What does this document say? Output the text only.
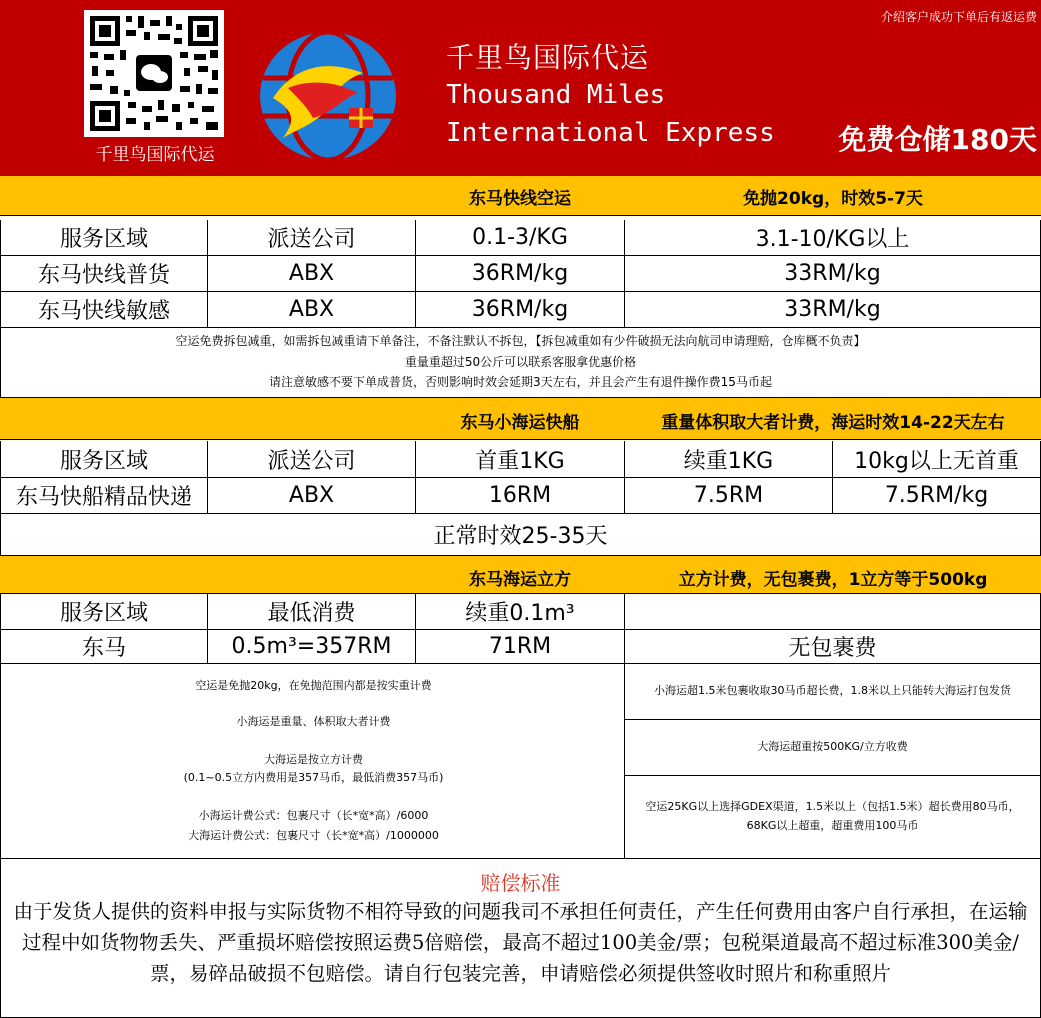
千里鸟国际代运
千里鸟国际代运
Thousand Miles
International Express
介绍客户成功下单后有返运费
免费仓储180天
东马快线空运	免抛20kg，时效5-7天
服务区域	派送公司	0.1-3/KG	3.1-10/KG以上
东马快线普货	ABX	36RM/kg	33RM/kg
东马快线敏感	ABX	36RM/kg	33RM/kg
空运免费拆包减重，如需拆包减重请下单备注，不备注默认不拆包，【拆包减重如有少件破损无法向航司申请理赔，仓库概不负责】
重量重超过50公斤可以联系客服拿优惠价格
请注意敏感不要下单成普货，否则影响时效会延期3天左右，并且会产生有退件操作费15马币起
东马小海运快船	重量体积取大者计费，海运时效14-22天左右
服务区域	派送公司	首重1KG	续重1KG	10kg以上无首重
东马快船精品快递	ABX	16RM	7.5RM	7.5RM/kg
正常时效25-35天
东马海运立方	立方计费，无包裹费，1立方等于500kg
服务区域	最低消费	续重0.1m³
东马	0.5m³=357RM	71RM	无包裹费
空运是免抛20kg，在免抛范围内都是按实重计费
小海运是重量、体积取大者计费
大海运是按立方计费
(0.1~0.5立方内费用是357马币，最低消费357马币)
小海运计费公式：包裹尺寸（长*宽*高）/6000
大海运计费公式：包裹尺寸（长*宽*高）/1000000
小海运超1.5米包裹收取30马币超长费，1.8米以上只能转大海运打包发货
大海运超重按500KG/立方收费
空运25KG以上选择GDEX渠道，1.5米以上（包括1.5米）超长费用80马币，68KG以上超重，超重费用100马币
赔偿标准
由于发货人提供的资料申报与实际货物不相符导致的问题我司不承担任何责任，产生任何费用由客户自行承担，在运输过程中如货物物丢失、严重损坏赔偿按照运费5倍赔偿，最高不超过100美金/票；包税渠道最高不超过标准300美金/票，易碎品破损不包赔偿。请自行包装完善，申请赔偿必须提供签收时照片和称重照片
